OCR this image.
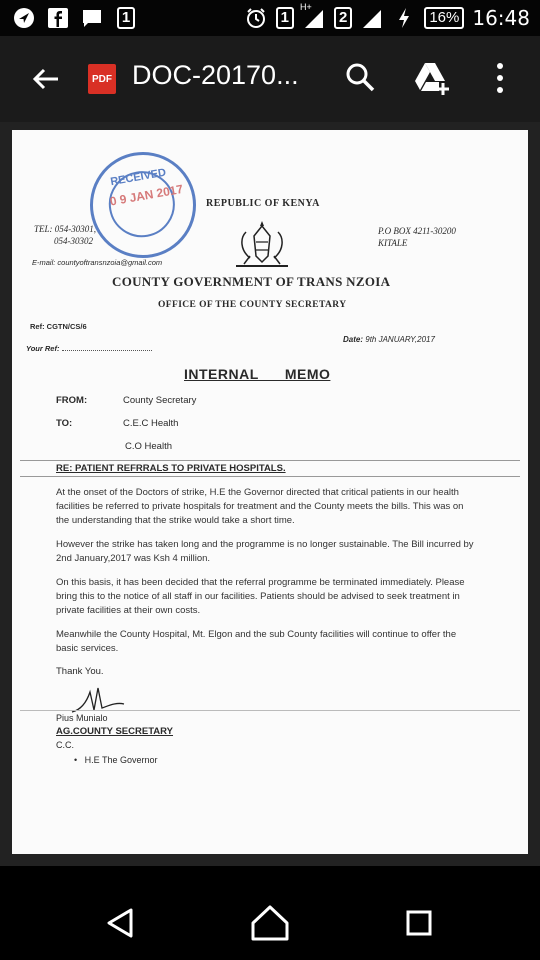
1	1
H+
2	16% 16:48
PDF DOC-20170...
RECEIVED
0 9 JAN 2017 REPUBLIC OF KENYA
TEL: 054-30301,
054-30302
P.O BOX 4211-30200
KITALE
E-mail: countyoftransnzoia@gmail.com
COUNTY GOVERNMENT OF TRANS NZOIA
OFFICE OF THE COUNTY SECRETARY
Ref: CGTN/CS/6
Your Ref:
Date: 9th JANUARY,2017
INTERNAL      MEMO
FROM:	County Secretary
TO:	C.E.C Health
C.O Health
RE: PATIENT REFRRALS TO PRIVATE HOSPITALS.
At the onset of the Doctors of strike, H.E the Governor directed that critical patients in our health facilities be referred to private hospitals for treatment and the County meets the bills. This was on the understanding that the strike would take a short time.
However the strike has taken long and the programme is no longer sustainable. The Bill incurred by 2nd January,2017 was Ksh 4 million.
On this basis, it has been decided that the referral programme be terminated immediately. Please bring this to the notice of all staff in our facilities. Patients should be advised to seek treatment in private facilities at their own costs.
Meanwhile the County Hospital, Mt. Elgon and the sub County facilities will continue to offer the basic services.
Thank You.
Pius Munialo
AG.COUNTY SECRETARY
C.C.
•   H.E The Governor
